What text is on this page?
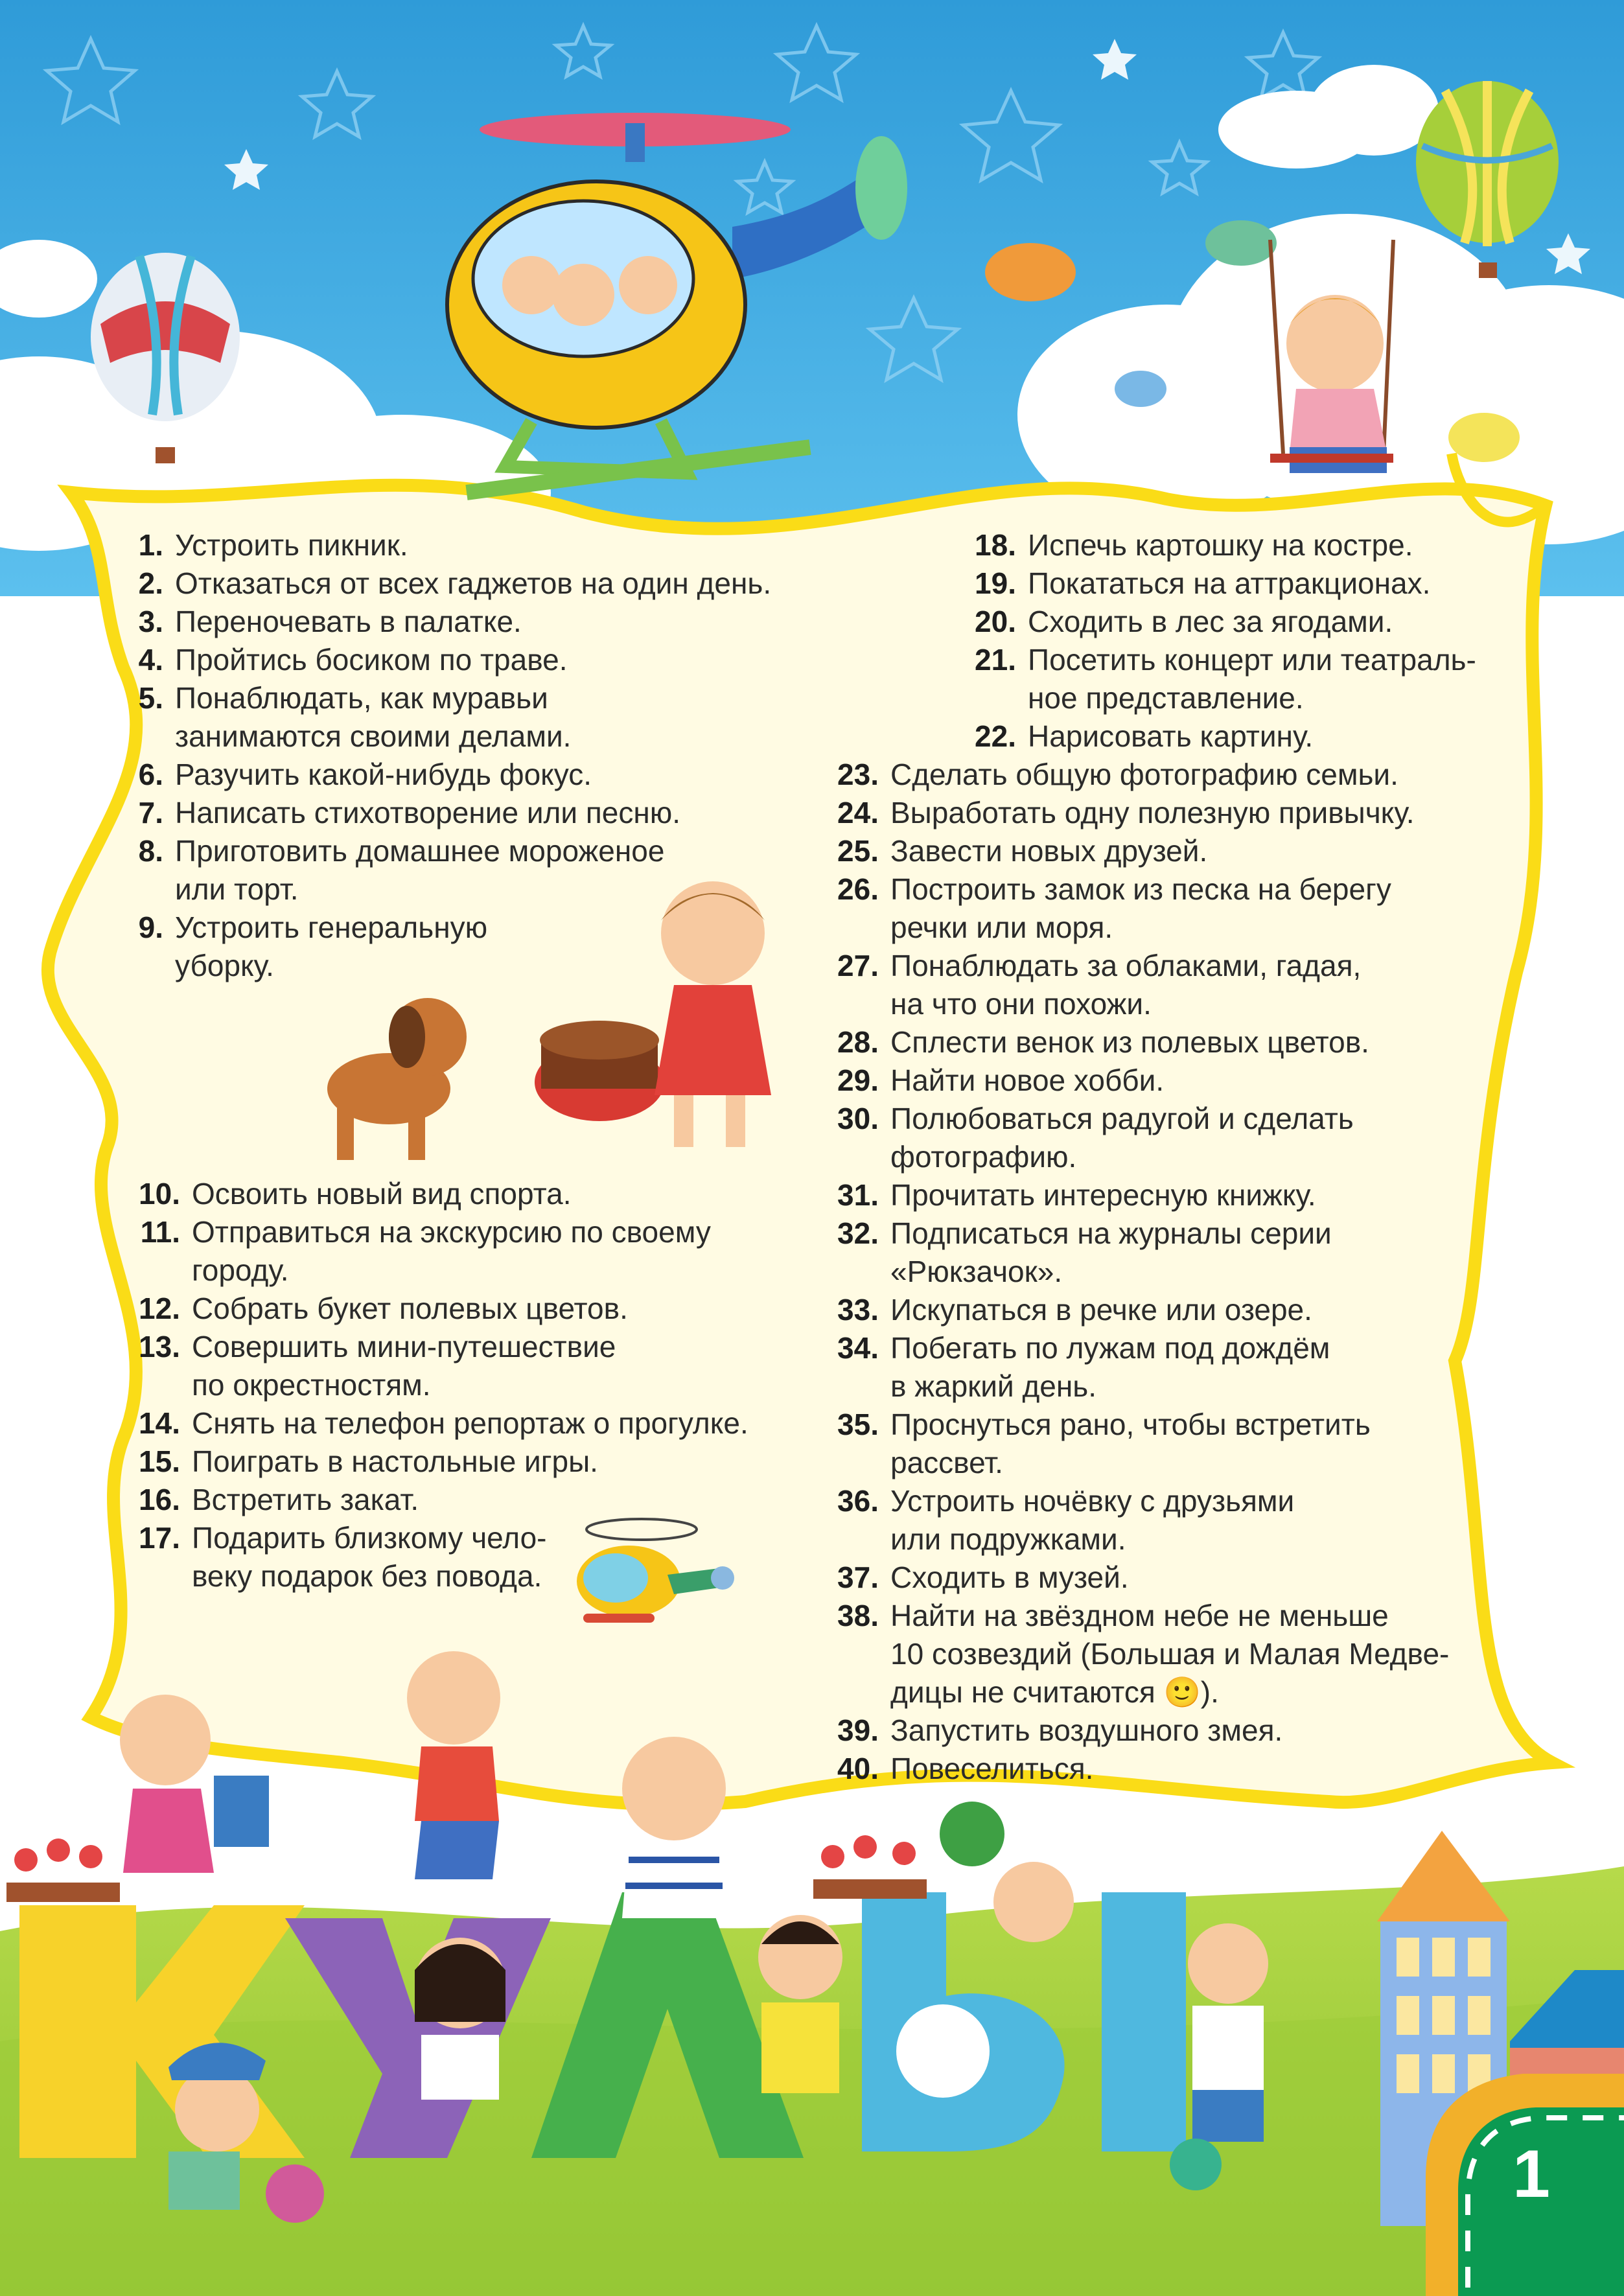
1. Устроить пикник.
2. Отказаться от всех гаджетов на один день.
3. Переночевать в палатке.
4. Пройтись босиком по траве.
5. Понаблюдать, как муравьи
занимаются своими делами.
6. Разучить какой-нибудь фокус.
7. Написать стихотворение или песню.
8. Приготовить домашнее мороженое
или торт.
9. Устроить генеральную
уборку.
10. Освоить новый вид спорта.
11. Отправиться на экскурсию по своему
городу.
12. Собрать букет полевых цветов.
13. Совершить мини-путешествие
по окрестностям.
14. Снять на телефон репортаж о прогулке.
15. Поиграть в настольные игры.
16. Встретить закат.
17. Подарить близкому чело-
веку подарок без повода.
18. Испечь картошку на костре.
19. Покататься на аттракционах.
20. Сходить в лес за ягодами.
21. Посетить концерт или театраль-
ное представление.
22. Нарисовать картину.
23. Сделать общую фотографию семьи.
24. Выработать одну полезную привычку.
25. Завести новых друзей.
26. Построить замок из песка на берегу
речки или моря.
27. Понаблюдать за облаками, гадая,
на что они похожи.
28. Сплести венок из полевых цветов.
29. Найти новое хобби.
30. Полюбоваться радугой и сделать
фотографию.
31. Прочитать интересную книжку.
32. Подписаться на журналы серии
«Рюкзачок».
33. Искупаться в речке или озере.
34. Побегать по лужам под дождём
в жаркий день.
35. Проснуться рано, чтобы встретить
рассвет.
36. Устроить ночёвку с друзьями
или подружками.
37. Сходить в музей.
38. Найти на звёздном небе не меньше
10 созвездий (Большая и Малая Медве-
дицы не считаются 🙂).
39. Запустить воздушного змея.
40. Повеселиться.
1
